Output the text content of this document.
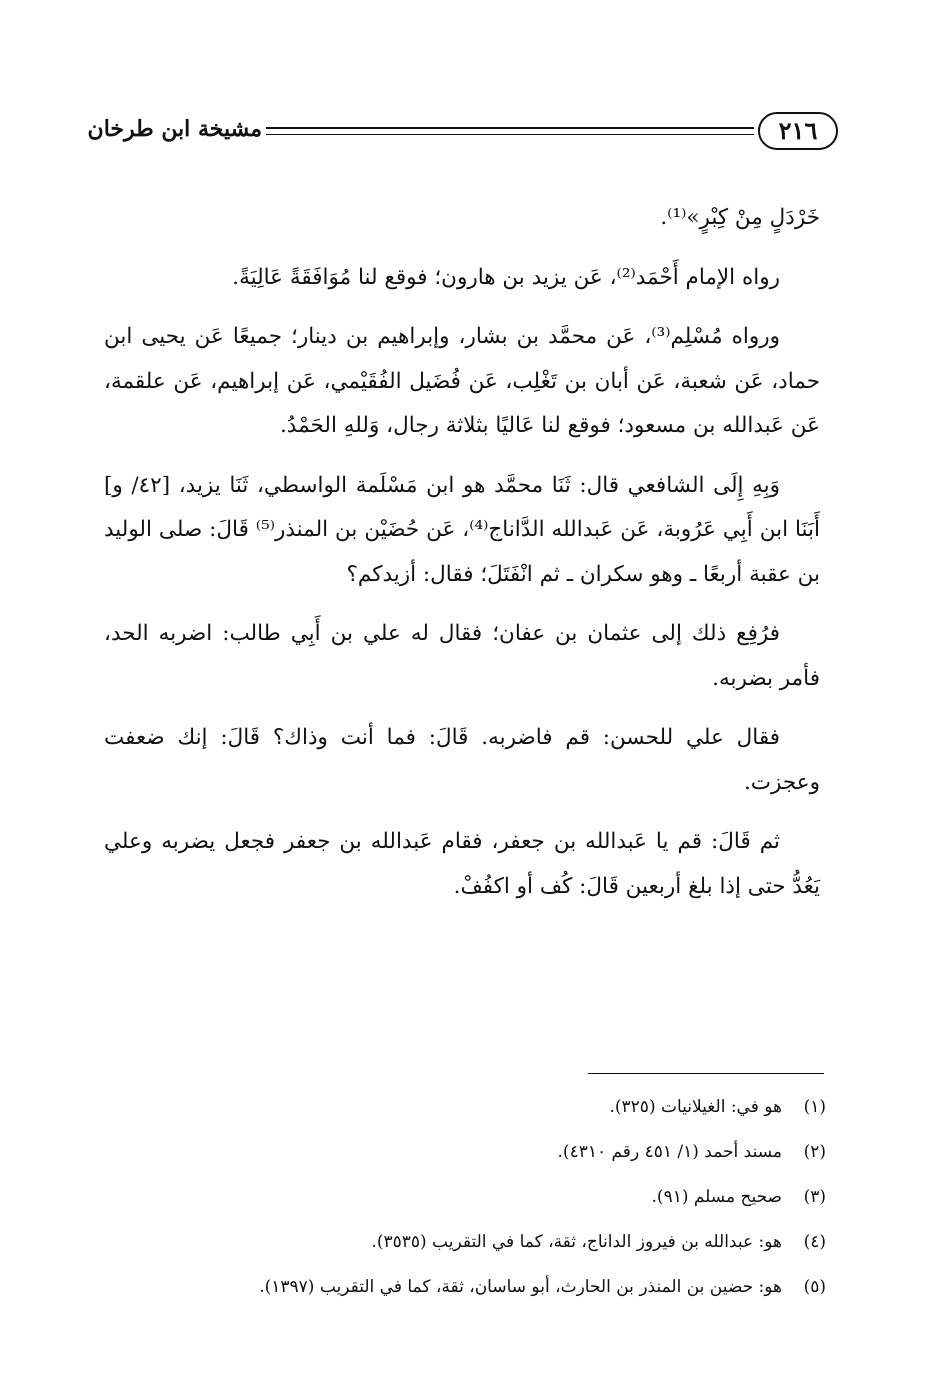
٢١٦
مشيخة ابن طرخان

خَرْدَلٍ مِنْ كِبْرٍ»⁽¹⁾.

رواه الإمام أَحْمَد⁽²⁾، عَن يزيد بن هارون؛ فوقع لنا مُوَافَقَةً عَالِيَةً.

ورواه مُسْلِم⁽³⁾، عَن محمَّد بن بشار، وإبراهيم بن دينار؛ جميعًا عَن يحيى ابن حماد، عَن شعبة، عَن أبان بن تَغْلِب، عَن فُضَيل الفُقَيْمي، عَن إبراهيم، عَن علقمة، عَن عَبدالله بن مسعود؛ فوقع لنا عَاليًا بثلاثة رجال، وَللهِ الحَمْدُ.

وَبِهِ إِلَى الشافعي قال: ثَنَا محمَّد هو ابن مَسْلَمة الواسطي، ثَنَا يزيد، [٤٢/ و] أَبَنَا ابن أَبِي عَرُوبة، عَن عَبدالله الدَّاناج⁽⁴⁾، عَن حُضَيْن بن المنذر⁽⁵⁾ قَالَ: صلى الوليد بن عقبة أربعًا ـ وهو سكران ـ ثم انْفَتَلَ؛ فقال: أزيدكم؟

فرُفِع ذلك إلى عثمان بن عفان؛ فقال له علي بن أَبِي طالب: اضربه الحد، فأمر بضربه.

فقال علي للحسن: قم فاضربه. قَالَ: فما أنت وذاك؟ قَالَ: إنك ضعفت وعجزت.

ثم قَالَ: قم يا عَبدالله بن جعفر، فقام عَبدالله بن جعفر فجعل يضربه وعلي يَعُدُّ حتى إذا بلغ أربعين قَالَ: كُف أو اكفُفْ.

(١)هو في: الغيلانيات (٣٢٥).
(٢)مسند أحمد (١/ ٤٥١ رقم ٤٣١٠).
(٣)صحيح مسلم (٩١).
(٤)هو: عبدالله بن فيروز الداناج، ثقة، كما في التقريب (٣٥٣٥).
(٥)هو: حضين بن المنذر بن الحارث، أبو ساسان، ثقة، كما في التقريب (١٣٩٧).
